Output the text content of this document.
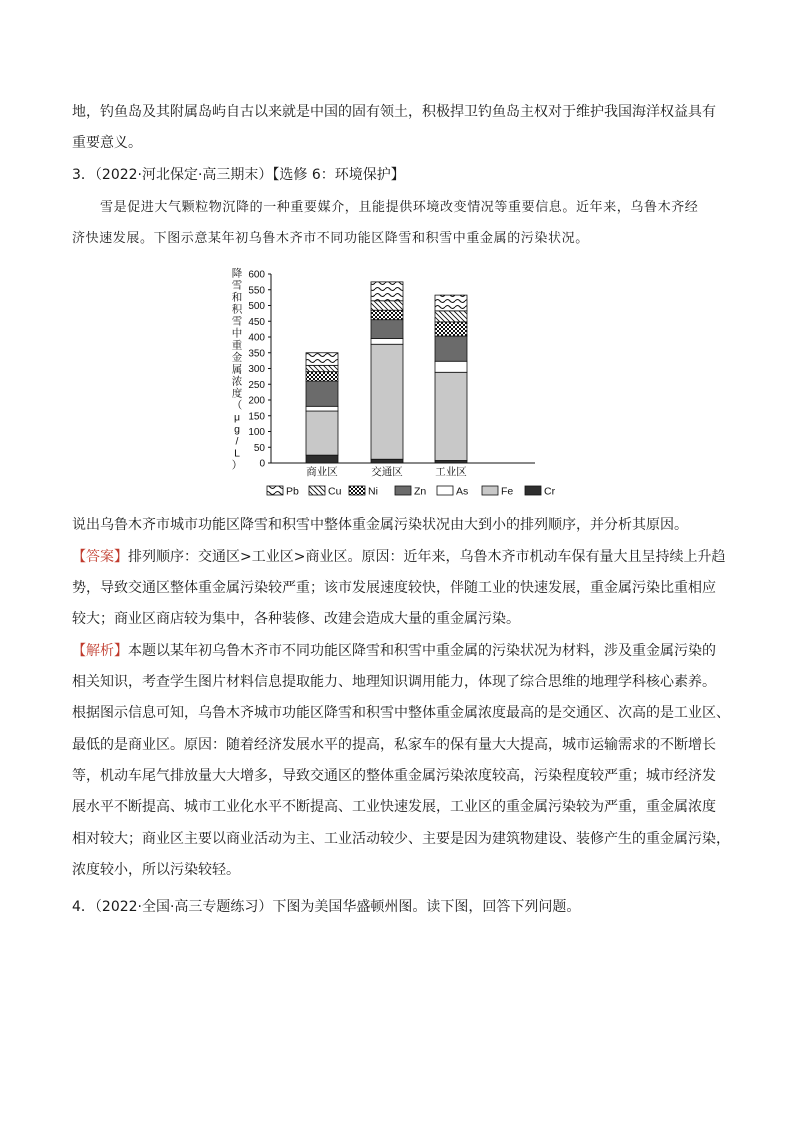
地，钓鱼岛及其附属岛屿自古以来就是中国的固有领土，积极捍卫钓鱼岛主权对于维护我国海洋权益具有
重要意义。
3．（2022·河北保定·高三期末）【选修 6：环境保护】
雪是促进大气颗粒物沉降的一种重要媒介，且能提供环境改变情况等重要信息。近年来，乌鲁木齐经
济快速发展。下图示意某年初乌鲁木齐市不同功能区降雪和积雪中重金属的污染状况。
降雪和积雪中重金属浓度（ μ g / L ） 0
50
100
150
200
250
300
350
400
450
500
550
600
商业区	交通区	工业区
Pb	Cu	Ni	Zn	As	Fe	Cr
说出乌鲁木齐市城市功能区降雪和积雪中整体重金属污染状况由大到小的排列顺序，并分析其原因。
【答案】排列顺序：交通区>工业区>商业区。原因：近年来，乌鲁木齐市机动车保有量大且呈持续上升趋
势，导致交通区整体重金属污染较严重；该市发展速度较快，伴随工业的快速发展，重金属污染比重相应
较大；商业区商店较为集中，各种装修、改建会造成大量的重金属污染。
【解析】本题以某年初乌鲁木齐市不同功能区降雪和积雪中重金属的污染状况为材料，涉及重金属污染的
相关知识，考查学生图片材料信息提取能力、地理知识调用能力，体现了综合思维的地理学科核心素养。
根据图示信息可知，乌鲁木齐城市功能区降雪和积雪中整体重金属浓度最高的是交通区、次高的是工业区、
最低的是商业区。原因：随着经济发展水平的提高，私家车的保有量大大提高，城市运输需求的不断增长
等，机动车尾气排放量大大增多，导致交通区的整体重金属污染浓度较高，污染程度较严重；城市经济发
展水平不断提高、城市工业化水平不断提高、工业快速发展，工业区的重金属污染较为严重，重金属浓度
相对较大；商业区主要以商业活动为主、工业活动较少、主要是因为建筑物建设、装修产生的重金属污染，
浓度较小，所以污染较轻。
4．（2022·全国·高三专题练习）下图为美国华盛顿州图。读下图，回答下列问题。
